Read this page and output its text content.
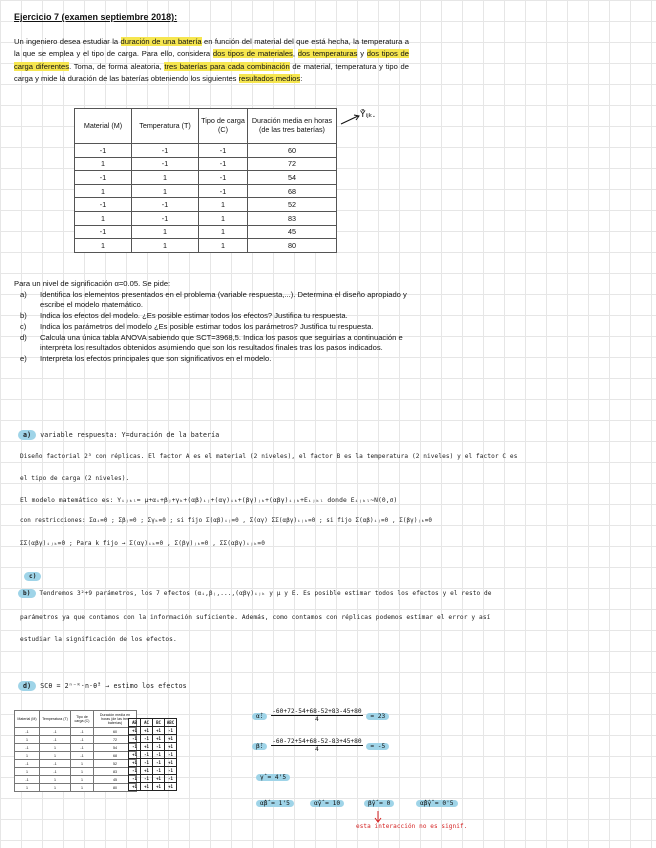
Ejercicio 7 (examen septiembre 2018):
Un ingeniero desea estudiar la duración de una batería en función del material del que está hecha, la temperatura a la que se emplea y el tipo de carga. Para ello, considera dos tipos de materiales, dos temperaturas y dos tipos de carga diferentes. Toma, de forma aleatoria, tres baterías para cada combinación de material, temperatura y tipo de carga y mide la duración de las baterías obteniendo los siguientes resultados medios:
Material (M)	Temperatura (T)	Tipo de carga (C)	Duración media en horas (de las tres baterías)
-1	-1	-1	60
1	-1	-1	72
-1	1	-1	54
1	1	-1	68
-1	-1	1	52
1	-1	1	83
-1	1	1	45
1	1	1	80
Ȳ̄ᵢⱼₖ.
Para un nivel de significación α=0.05. Se pide:
a)	Identifica los elementos presentados en el problema (variable respuesta,...). Determina el diseño apropiado y escribe el modelo matemático.
b)	Indica los efectos del modelo. ¿Es posible estimar todos los efectos? Justifica tu respuesta.
c)	Indica los parámetros del modelo ¿Es posible estimar todos los parámetros? Justifica tu respuesta.
d)	Calcula una única tabla ANOVA sabiendo que SCT=3968,5. Indica los pasos que seguirías a continuación e interpreta los resultados obtenidos asumiendo que son los resultados finales tras los pasos indicados.
e)	Interpreta los efectos principales que son significativos en el modelo.
a) variable respuesta: Y=duración de la batería
Diseño factorial 2³ con réplicas. El factor A es el material (2 niveles), el factor B es la temperatura (2 niveles) y el factor C es
el tipo de carga (2 niveles).
El modelo matemático es: Yᵢⱼₖₗ= μ+αᵢ+βⱼ+γₖ+(αβ)ᵢⱼ+(αγ)ᵢₖ+(βγ)ⱼₖ+(αβγ)ᵢⱼₖ+Eᵢⱼₖₗ donde Eᵢⱼₖₗ~N(0,σ)
con restricciones: Σαᵢ=0 ; Σβⱼ=0 ; Σγₖ=0 ; si fijo Σ(αβ)ᵢⱼ=0 , Σ(αγ) ΣΣ(αβγ)ᵢⱼₖ=0 ; si fijo Σ(αβ)ᵢⱼ=0 , Σ(βγ)ⱼₖ=0
ΣΣ(αβγ)ᵢⱼₖ=0 ; Para k fijo → Σ(αγ)ᵢₖ=0 , Σ(βγ)ⱼₖ=0 , ΣΣ(αβγ)ᵢⱼₖ=0
c)
b) Tendremos 3²+9 parámetros, los 7 efectos (αᵢ,βⱼ,...,(αβγ)ᵢⱼₖ y μ y E. Es posible estimar todos los efectos y el resto de
parámetros ya que contamos con la información suficiente. Además, como contamos con réplicas podemos estimar el error y así
estudiar la significación de los efectos.
d) SCθ = 2ⁿ⁻ᴷ·n·θ̂² → estimo los efectos
Material (M)	Temperatura (T)	Tipo de carga (C)	Duración media en horas (de las tres baterías)
-1	-1	-1	60
1	-1	-1	72
-1	1	-1	54
1	1	-1	68
-1	-1	1	52
1	-1	1	83
-1	1	1	45
1	1	1	80
AB	AC	BC	ABC
+1	+1	+1	-1
-1	-1	+1	+1
-1	+1	-1	+1
+1	-1	-1	-1
+1	-1	-1	+1
-1	+1	-1	-1
-1	-1	+1	-1
+1	+1	+1	+1
α̂: $\frac{-60+72-54+68-52+83-45+80}{4} = 23$
β̂: $\frac{-60-72+54+68-52-83+45+80}{4} = -5$
γ̂ = 4'5
α̂β̂ = 1'5	α̂γ̂ = 10	β̂γ̂ = 0	α̂β̂γ̂ = 0'5
esta interacción no es signif.
